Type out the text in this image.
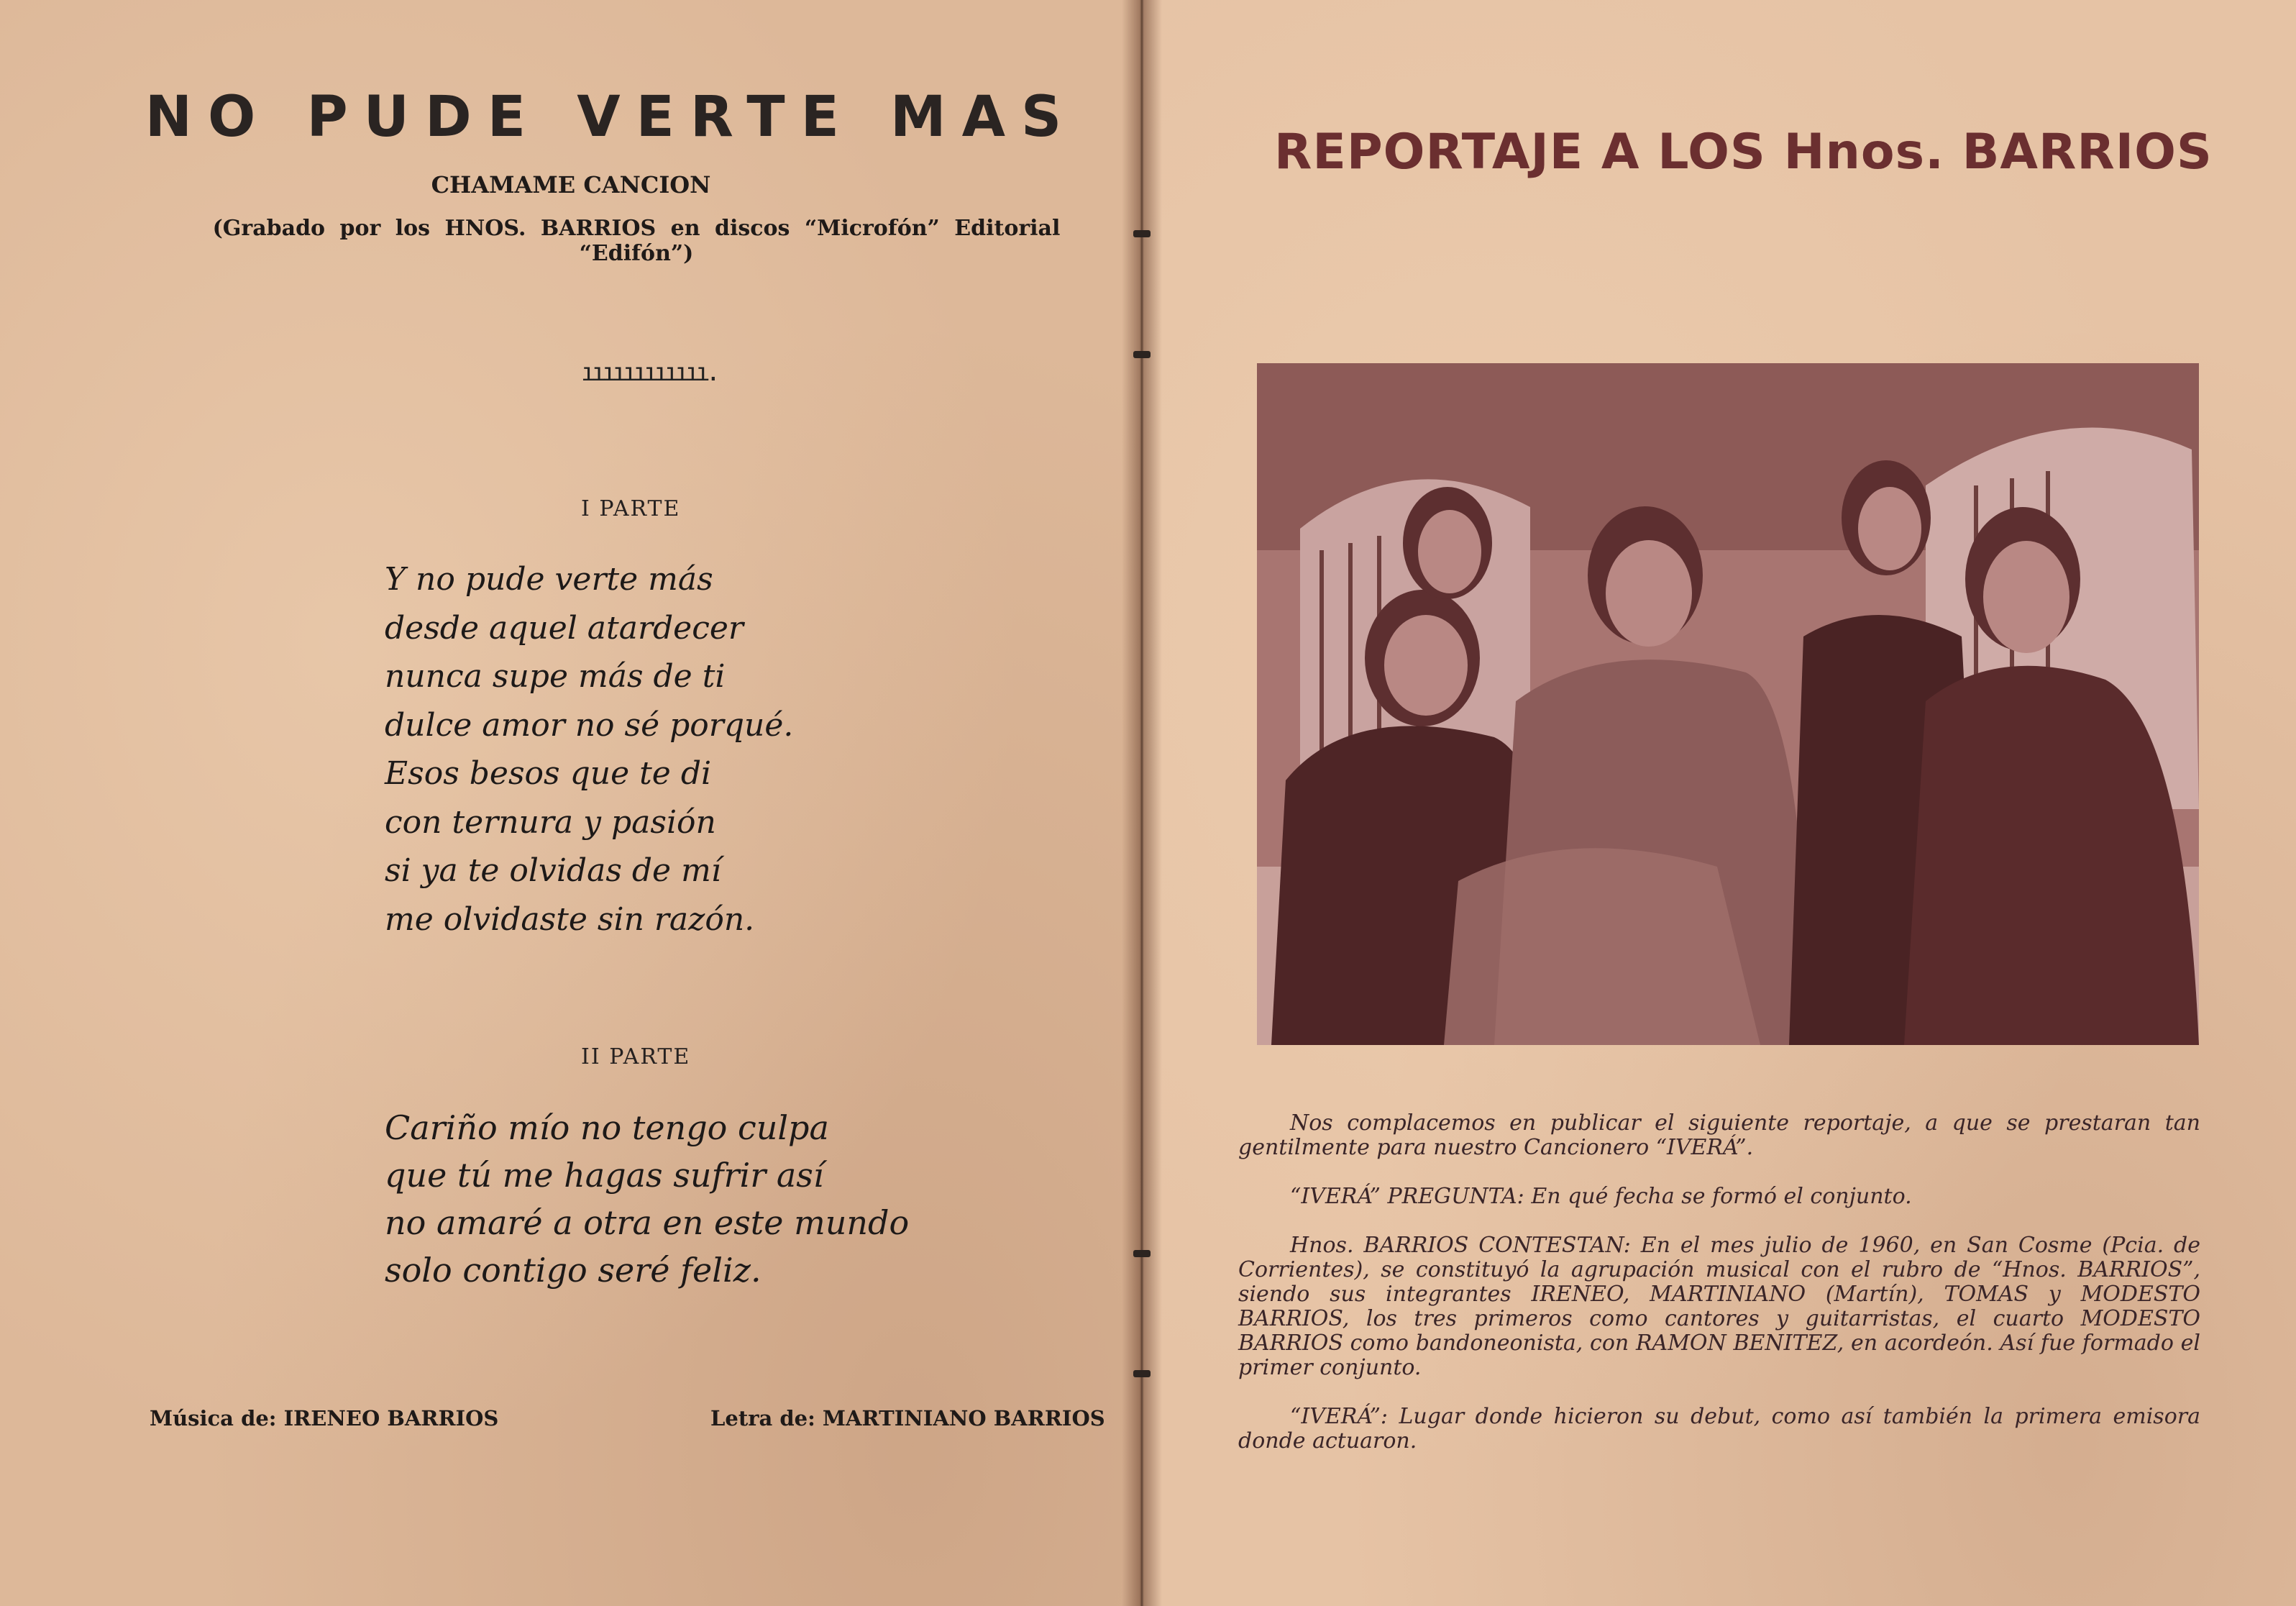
NO PUDE VERTE MAS
CHAMAME CANCION
(Grabado por los HNOS. BARRIOS en discos “Microfón” Editorial “Edifón”)
ıııııııııııı.
I PARTE
Y no pude verte más
desde aquel atardecer
nunca supe más de ti
dulce amor no sé porqué.
Esos besos que te di
con ternura y pasión
si ya te olvidas de mí
me olvidaste sin razón.
II PARTE
Cariño mío no tengo culpa
que tú me hagas sufrir así
no amaré a otra en este mundo
solo contigo seré feliz.
Música de: IRENEO BARRIOS	Letra de: MARTINIANO BARRIOS
REPORTAJE A LOS Hnos. BARRIOS

Nos complacemos en publicar el siguiente reportaje, a que se prestaran tan gentilmente para nuestro Cancionero “IVERÁ”.

“IVERÁ” PREGUNTA: En qué fecha se formó el conjunto.

Hnos. BARRIOS CONTESTAN: En el mes julio de 1960, en San Cosme (Pcia. de Corrientes), se constituyó la agrupación musical con el rubro de “Hnos. BARRIOS”, siendo sus integrantes IRENEO, MARTINIANO (Martín), TOMAS y MODESTO BARRIOS, los tres primeros como cantores y guitarristas, el cuarto MODESTO BARRIOS como bandoneonista, con RAMON BENITEZ, en acordeón. Así fue formado el primer conjunto.

“IVERÁ”: Lugar donde hicieron su debut, como así también la primera emisora donde actuaron.
